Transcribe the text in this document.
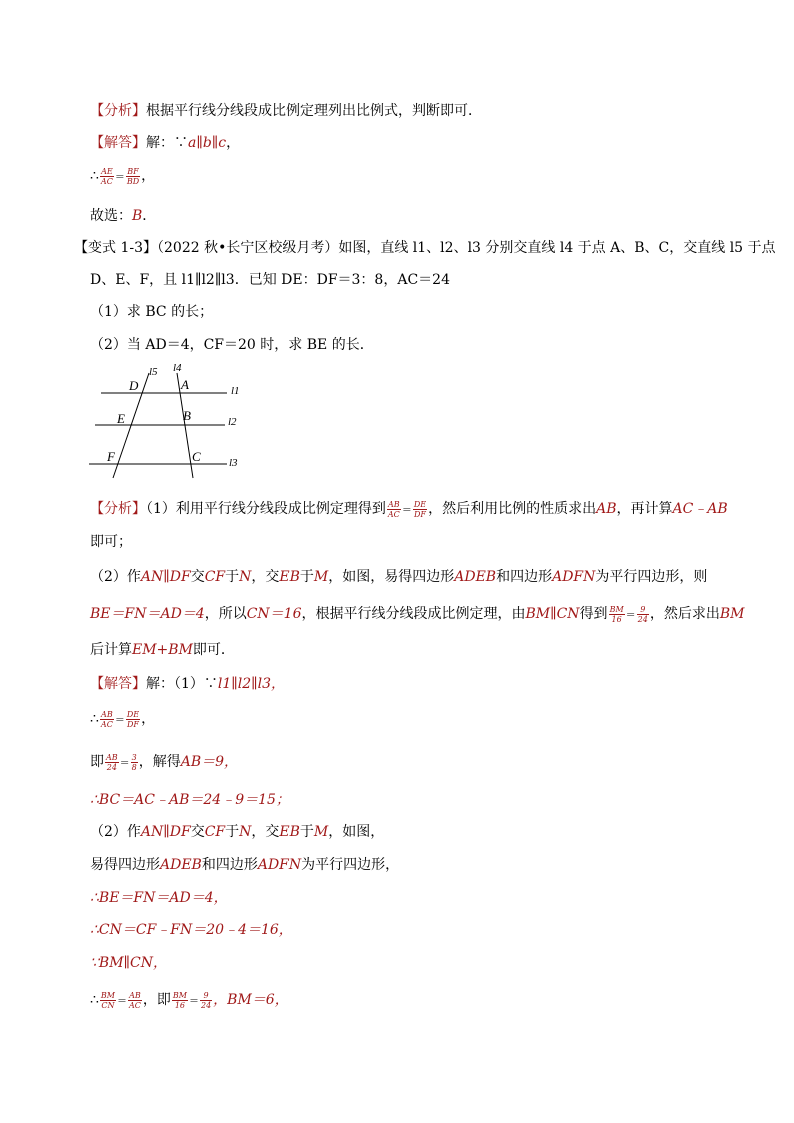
【分析】根据平行线分线段成比例定理列出比例式，判断即可．
【解答】解：∵a∥b∥c，
∴ $\frac{AE}{AC} = \frac{BF}{BD}$ ，
故选：B．
【变式 1-3】（2022 秋•长宁区校级月考）如图，直线 l1、l2、l3 分别交直线 l4 于点 A、B、C，交直线 l5 于点
D、E、F，且 l1∥l2∥l3．已知 DE：DF＝3：8，AC＝24
（1）求 BC 的长；
（2）当 AD＝4，CF＝20 时，求 BE 的长．
D	A
E	B
F	C
l5 l4
l1
l2
l3
【分析】（1）利用平行线分线段成比例定理得到 $\frac{AB}{AC} = \frac{DE}{DF}$ ，然后利用比例的性质求出AB，再计算AC﹣AB
即可；
（2）作AN∥DF交CF于N，交EB于M，如图，易得四边形ADEB和四边形ADFN为平行四边形，则
BE＝FN＝AD＝4，所以CN＝16，根据平行线分线段成比例定理，由BM∥CN得到 $\frac{BM}{16} = \frac{9}{24}$ ，然后求出BM
后计算EM+BM即可．
【解答】解：（1）∵l1∥l2∥l3，
∴ $\frac{AB}{AC} = \frac{DE}{DF}$ ，
即 $\frac{AB}{24} = \frac{3}{8}$ ，解得AB＝9，
∴BC＝AC﹣AB＝24﹣9＝15；
（2）作AN∥DF交CF于N，交EB于M，如图，
易得四边形ADEB和四边形ADFN为平行四边形，
∴BE＝FN＝AD＝4，
∴CN＝CF﹣FN＝20﹣4＝16，
∵BM∥CN，
∴ $\frac{BM}{CN} = \frac{AB}{AC}$ ，即 $\frac{BM}{16} = \frac{9}{24}$ ，BM＝6，
